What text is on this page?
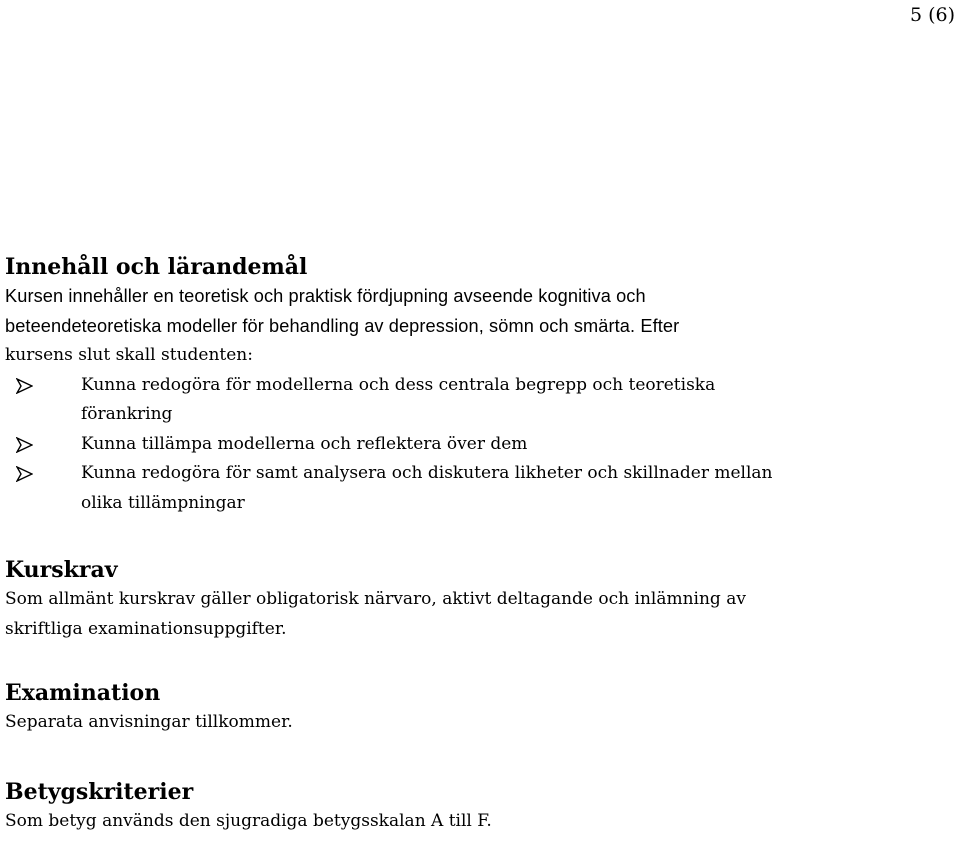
5 (6)
Innehåll och lärandemål

Kursen innehåller en teoretisk och praktisk fördjupning avseende kognitiva och
beteendeteoretiska modeller för behandling av depression, sömn och smärta. Efter

kursens slut skall studenten:

Kunna redogöra för modellerna och dess centrala begrepp och teoretiska
förankring
Kunna tillämpa modellerna och reflektera över dem
Kunna redogöra för samt analysera och diskutera likheter och skillnader mellan
olika tillämpningar
Kurskrav

Som allmänt kurskrav gäller obligatorisk närvaro, aktivt deltagande och inlämning av
skriftliga examinationsuppgifter.

Examination

Separata anvisningar tillkommer.

Betygskriterier

Som betyg används den sjugradiga betygsskalan A till F.
